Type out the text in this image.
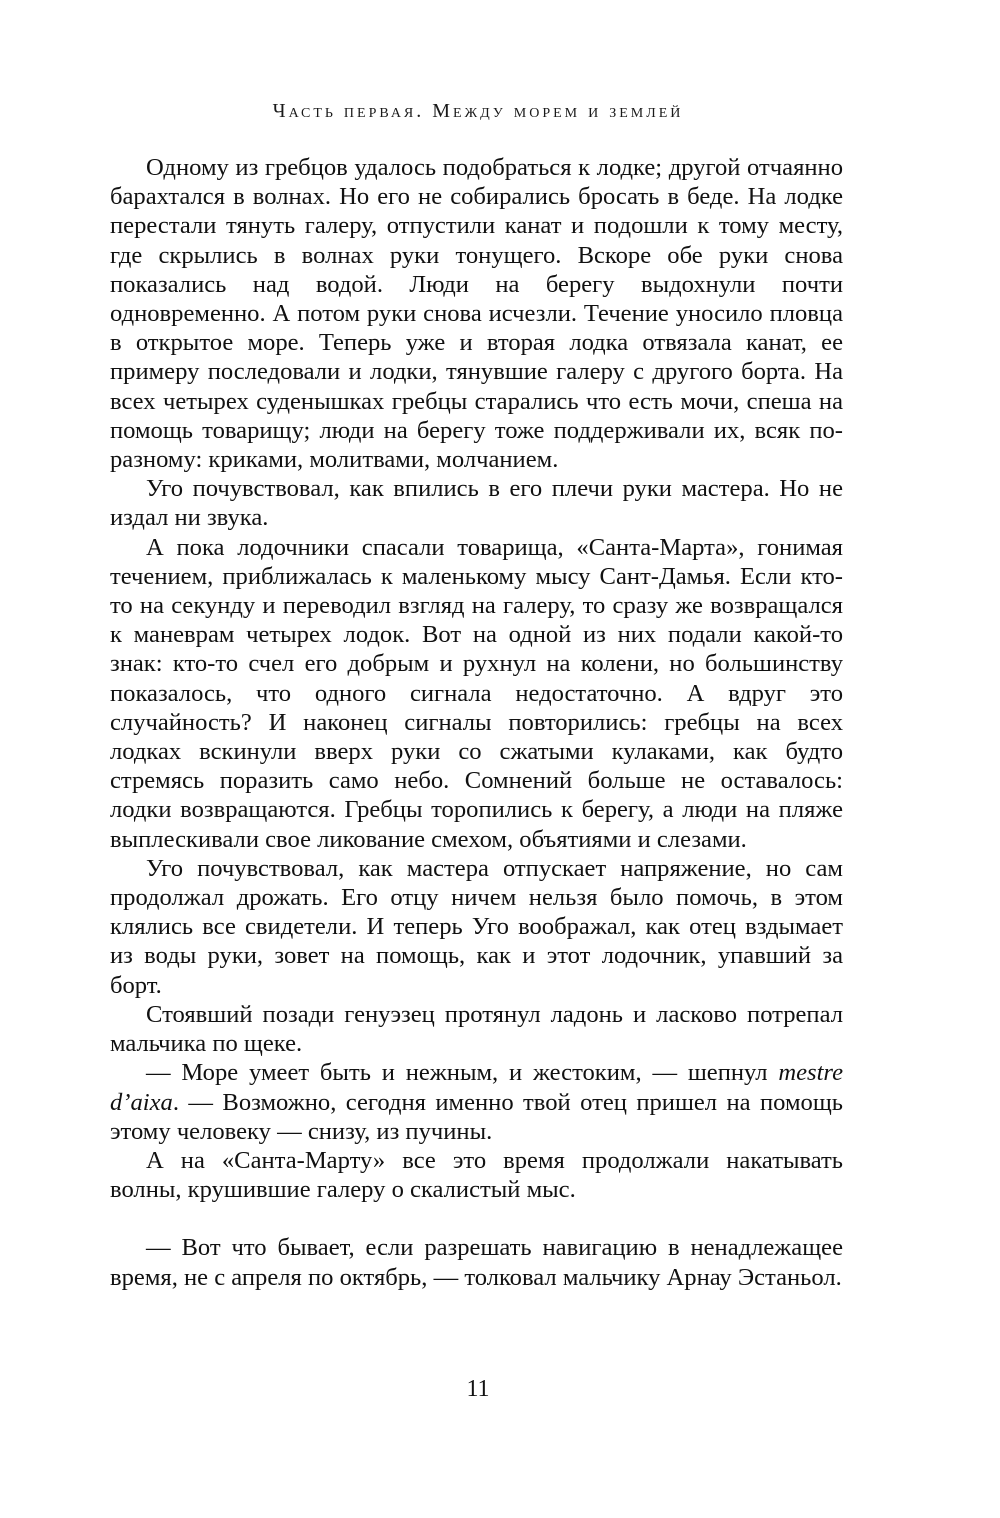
Часть первая. Между морем и землей

Одному из гребцов удалось подобраться к лодке; другой отчаянно барахтался в волнах. Но его не собирались бросать в беде. На лодке перестали тянуть галеру, отпустили канат и подошли к тому месту, где скрылись в волнах руки тонущего. Вскоре обе руки снова показались над водой. Люди на берегу выдохнули почти одновременно. А потом руки снова исчезли. Течение уносило пловца в открытое море. Теперь уже и вторая лодка отвязала канат, ее примеру последовали и лодки, тянувшие галеру с другого борта. На всех четырех суденышках гребцы старались что есть мочи, спеша на помощь товарищу; люди на берегу тоже поддерживали их, всяк по-разному: криками, молитвами, молчанием.

Уго почувствовал, как впились в его плечи руки мастера. Но не издал ни звука.

А пока лодочники спасали товарища, «Санта-Марта», гонимая течением, приближалась к маленькому мысу Сант-Дамья. Если кто-то на секунду и переводил взгляд на галеру, то сразу же возвращался к маневрам четырех лодок. Вот на одной из них подали какой-то знак: кто-то счел его добрым и рухнул на колени, но большинству показалось, что одного сигнала недостаточно. А вдруг это случайность? И наконец сигналы повторились: гребцы на всех лодках вскинули вверх руки со сжатыми кулаками, как будто стремясь поразить само небо. Сомнений больше не оставалось: лодки возвращаются. Гребцы торопились к берегу, а люди на пляже выплескивали свое ликование смехом, объятиями и слезами.

Уго почувствовал, как мастера отпускает напряжение, но сам продолжал дрожать. Его отцу ничем нельзя было помочь, в этом клялись все свидетели. И теперь Уго воображал, как отец вздымает из воды руки, зовет на помощь, как и этот лодочник, упавший за борт.

Стоявший позади генуэзец протянул ладонь и ласково потрепал мальчика по щеке.

— Море умеет быть и нежным, и жестоким, — шепнул mestre d’aixa. — Возможно, сегодня именно твой отец пришел на помощь этому человеку — снизу, из пучины.

А на «Санта-Марту» все это время продолжали накатывать волны, крушившие галеру о скалистый мыс.

— Вот что бывает, если разрешать навигацию в ненадлежащее время, не с апреля по октябрь, — толковал мальчику Арнау Эстаньол.

11
